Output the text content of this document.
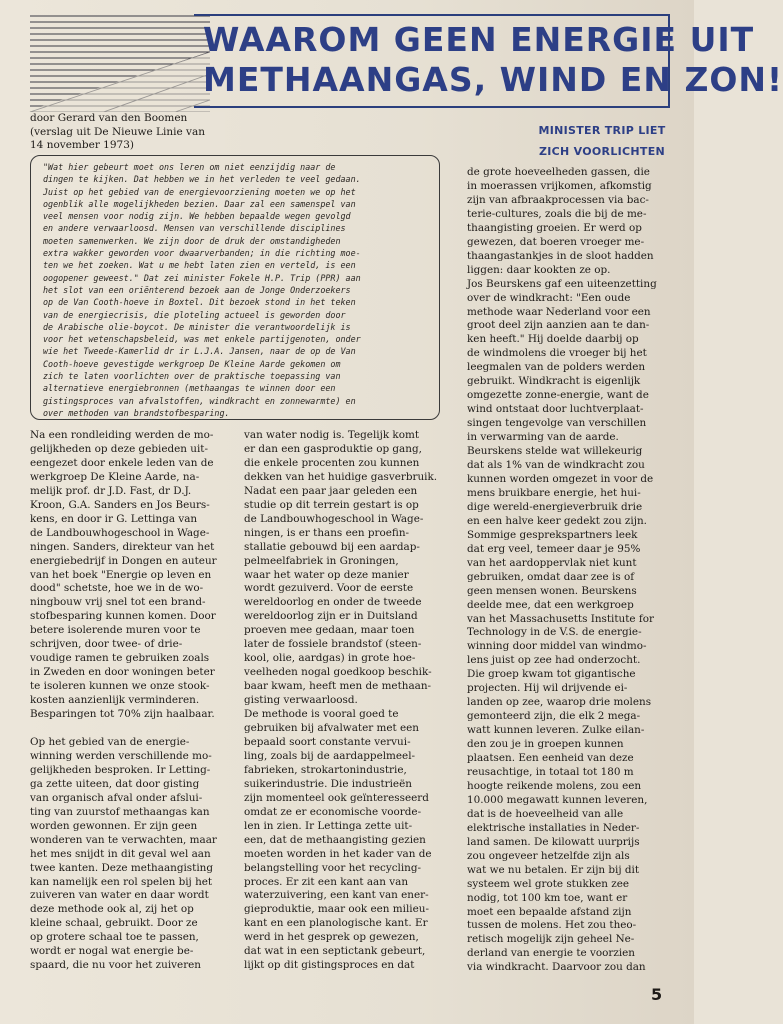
WAAROM GEEN ENERGIE UIT
METHAANGAS, WIND EN ZON!

door Gerard van den Boomen
(verslag uit De Nieuwe Linie van
14 november 1973)

MINISTER TRIP LIET
ZICH VOORLICHTEN

"Wat hier gebeurt moet ons leren om niet eenzijdig naar de
dingen te kijken. Dat hebben we in het verleden te veel gedaan.
Juist op het gebied van de energievoorziening moeten we op het
ogenblik alle mogelijkheden bezien. Daar zal een samenspel van
veel mensen voor nodig zijn. We hebben bepaalde wegen gevolgd
en andere verwaarloosd. Mensen van verschillende disciplines
moeten samenwerken. We zijn door de druk der omstandigheden
extra wakker geworden voor dwaarverbanden; in die richting moe-
ten we het zoeken. Wat u me hebt laten zien en verteld, is een
oogopener geweest." Dat zei minister Fokele H.P. Trip (PPR) aan
het slot van een oriënterend bezoek aan de Jonge Onderzoekers
op de Van Cooth-hoeve in Boxtel. Dit bezoek stond in het teken
van de energiecrisis, die ploteling actueel is geworden door
de Arabische olie-boycot. De minister die verantwoordelijk is
voor het wetenschapsbeleid, was met enkele partijgenoten, onder
wie het Tweede-Kamerlid dr ir L.J.A. Jansen, naar de op de Van
Cooth-hoeve gevestigde werkgroep De Kleine Aarde gekomen om
zich te laten voorlichten over de praktische toepassing van
alternatieve energiebronnen (methaangas te winnen door een
gistingsproces van afvalstoffen, windkracht en zonnewarmte) en
over methoden van brandstofbesparing.

Na een rondleiding werden de mo-
gelijkheden op deze gebieden uit-
eengezet door enkele leden van de
werkgroep De Kleine Aarde, na-
melijk prof. dr J.D. Fast, dr D.J.
Kroon, G.A. Sanders en Jos Beurs-
kens, en door ir G. Lettinga van
de Landbouwhogeschool in Wage-
ningen. Sanders, direkteur van het
energiebedrijf in Dongen en auteur
van het boek "Energie op leven en
dood" schetste, hoe we in de wo-
ningbouw vrij snel tot een brand-
stofbesparing kunnen komen. Door
betere isolerende muren voor te
schrijven, door twee- of drie-
voudige ramen te gebruiken zoals
in Zweden en door woningen beter
te isoleren kunnen we onze stook-
kosten aanzienlijk verminderen.
Besparingen tot 70% zijn haalbaar.
Op het gebied van de energie-
winning werden verschillende mo-
gelijkheden besproken. Ir Letting-
ga zette uiteen, dat door gisting
van organisch afval onder afslui-
ting van zuurstof methaangas kan
worden gewonnen. Er zijn geen
wonderen van te verwachten, maar
het mes snijdt in dit geval wel aan
twee kanten. Deze methaangisting
kan namelijk een rol spelen bij het
zuiveren van water en daar wordt
deze methode ook al, zij het op
kleine schaal, gebruikt. Door ze
op grotere schaal toe te passen,
wordt er nogal wat energie be-
spaard, die nu voor het zuiveren
van water nodig is. Tegelijk komt
er dan een gasproduktie op gang,
die enkele procenten zou kunnen
dekken van het huidige gasverbruik.
Nadat een paar jaar geleden een
studie op dit terrein gestart is op
de Landbouwhogeschool in Wage-
ningen, is er thans een proefin-
stallatie gebouwd bij een aardap-
pelmeelfabriek in Groningen,
waar het water op deze manier
wordt gezuiverd. Voor de eerste
wereldoorlog en onder de tweede
wereldoorlog zijn er in Duitsland
proeven mee gedaan, maar toen
later de fossiele brandstof (steen-
kool, olie, aardgas) in grote hoe-
veelheden nogal goedkoop beschik-
baar kwam, heeft men de methaan-
gisting verwaarloosd.
De methode is vooral goed te
gebruiken bij afvalwater met een
bepaald soort constante vervui-
ling, zoals bij de aardappelmeel-
fabrieken, strokartonindustrie,
suikerindustrie. Die industrieën
zijn momenteel ook geïnteresseerd
omdat ze er economische voorde-
len in zien. Ir Lettinga zette uit-
een, dat de methaangisting gezien
moeten worden in het kader van de
belangstelling voor het recycling-
proces. Er zit een kant aan van
waterzuivering, een kant van ener-
gieproduktie, maar ook een milieu-
kant en een planologische kant. Er
werd in het gesprek op gewezen,
dat wat in een septictank gebeurt,
lijkt op dit gistingsproces en dat
de grote hoeveelheden gassen, die
in moerassen vrijkomen, afkomstig
zijn van afbraakprocessen via bac-
terie-cultures, zoals die bij de me-
thaangisting groeien. Er werd op
gewezen, dat boeren vroeger me-
thaangastankjes in de sloot hadden
liggen: daar kookten ze op.
Jos Beurskens gaf een uiteenzetting
over de windkracht: "Een oude
methode waar Nederland voor een
groot deel zijn aanzien aan te dan-
ken heeft." Hij doelde daarbij op
de windmolens die vroeger bij het
leegmalen van de polders werden
gebruikt. Windkracht is eigenlijk
omgezette zonne-energie, want de
wind ontstaat door luchtverplaat-
singen tengevolge van verschillen
in verwarming van de aarde.
Beurskens stelde wat willekeurig
dat als 1% van de windkracht zou
kunnen worden omgezet in voor de
mens bruikbare energie, het hui-
dige wereld-energieverbruik drie
en een halve keer gedekt zou zijn.
Sommige gesprekspartners leek
dat erg veel, temeer daar je 95%
van het aardoppervlak niet kunt
gebruiken, omdat daar zee is of
geen mensen wonen. Beurskens
deelde mee, dat een werkgroep
van het Massachusetts Institute for
Technology in de V.S. de energie-
winning door middel van windmo-
lens juist op zee had onderzocht.
Die groep kwam tot gigantische
projecten. Hij wil drijvende ei-
landen op zee, waarop drie molens
gemonteerd zijn, die elk 2 mega-
watt kunnen leveren. Zulke eilan-
den zou je in groepen kunnen
plaatsen. Een eenheid van deze
reusachtige, in totaal tot 180 m
hoogte reikende molens, zou een
10.000 megawatt kunnen leveren,
dat is de hoeveelheid van alle
elektrische installaties in Neder-
land samen. De kilowatt uurprijs
zou ongeveer hetzelfde zijn als
wat we nu betalen. Er zijn bij dit
systeem wel grote stukken zee
nodig, tot 100 km toe, want er
moet een bepaalde afstand zijn
tussen de molens. Het zou theo-
retisch mogelijk zijn geheel Ne-
derland van energie te voorzien
via windkracht. Daarvoor zou dan
5
